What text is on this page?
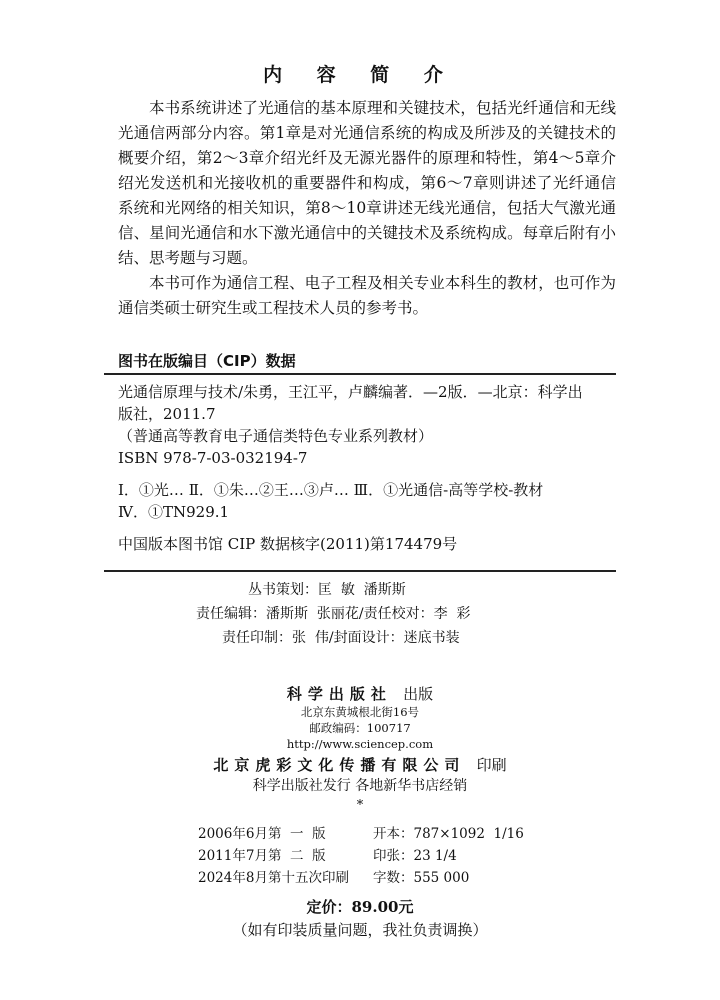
内 容 简 介

本书系统讲述了光通信的基本原理和关键技术，包括光纤通信和无线光通信两部分内容。第1章是对光通信系统的构成及所涉及的关键技术的概要介绍，第2～3章介绍光纤及无源光器件的原理和特性，第4～5章介绍光发送机和光接收机的重要器件和构成，第6～7章则讲述了光纤通信系统和光网络的相关知识，第8～10章讲述无线光通信，包括大气激光通信、星间光通信和水下激光通信中的关键技术及系统构成。每章后附有小结、思考题与习题。

本书可作为通信工程、电子工程及相关专业本科生的教材，也可作为通信类硕士研究生或工程技术人员的参考书。

图书在版编目（CIP）数据
光通信原理与技术/朱勇，王江平，卢麟编著．—2版．—北京：科学出
版社，2011.7
（普通高等教育电子通信类特色专业系列教材）
ISBN 978-7-03-032194-7
Ⅰ．①光… Ⅱ．①朱…②王…③卢… Ⅲ．①光通信-高等学校-教材
Ⅳ．①TN929.1
中国版本图书馆 CIP 数据核字(2011)第174479号
丛书策划：匡  敏  潘斯斯
责任编辑：潘斯斯  张丽花/责任校对：李  彩
责任印制：张  伟/封面设计：迷底书装
科学出版社 出版
北京东黄城根北街16号
邮政编码：100717
http://www.sciencep.com
北京虎彩文化传播有限公司 印刷
科学出版社发行 各地新华书店经销
*
2006年6月第  一  版	开本：787×1092  1/16
2011年7月第  二  版	印张：23 1/4
2024年8月第十五次印刷	字数：555 000
定价：89.00元
（如有印装质量问题，我社负责调换）
